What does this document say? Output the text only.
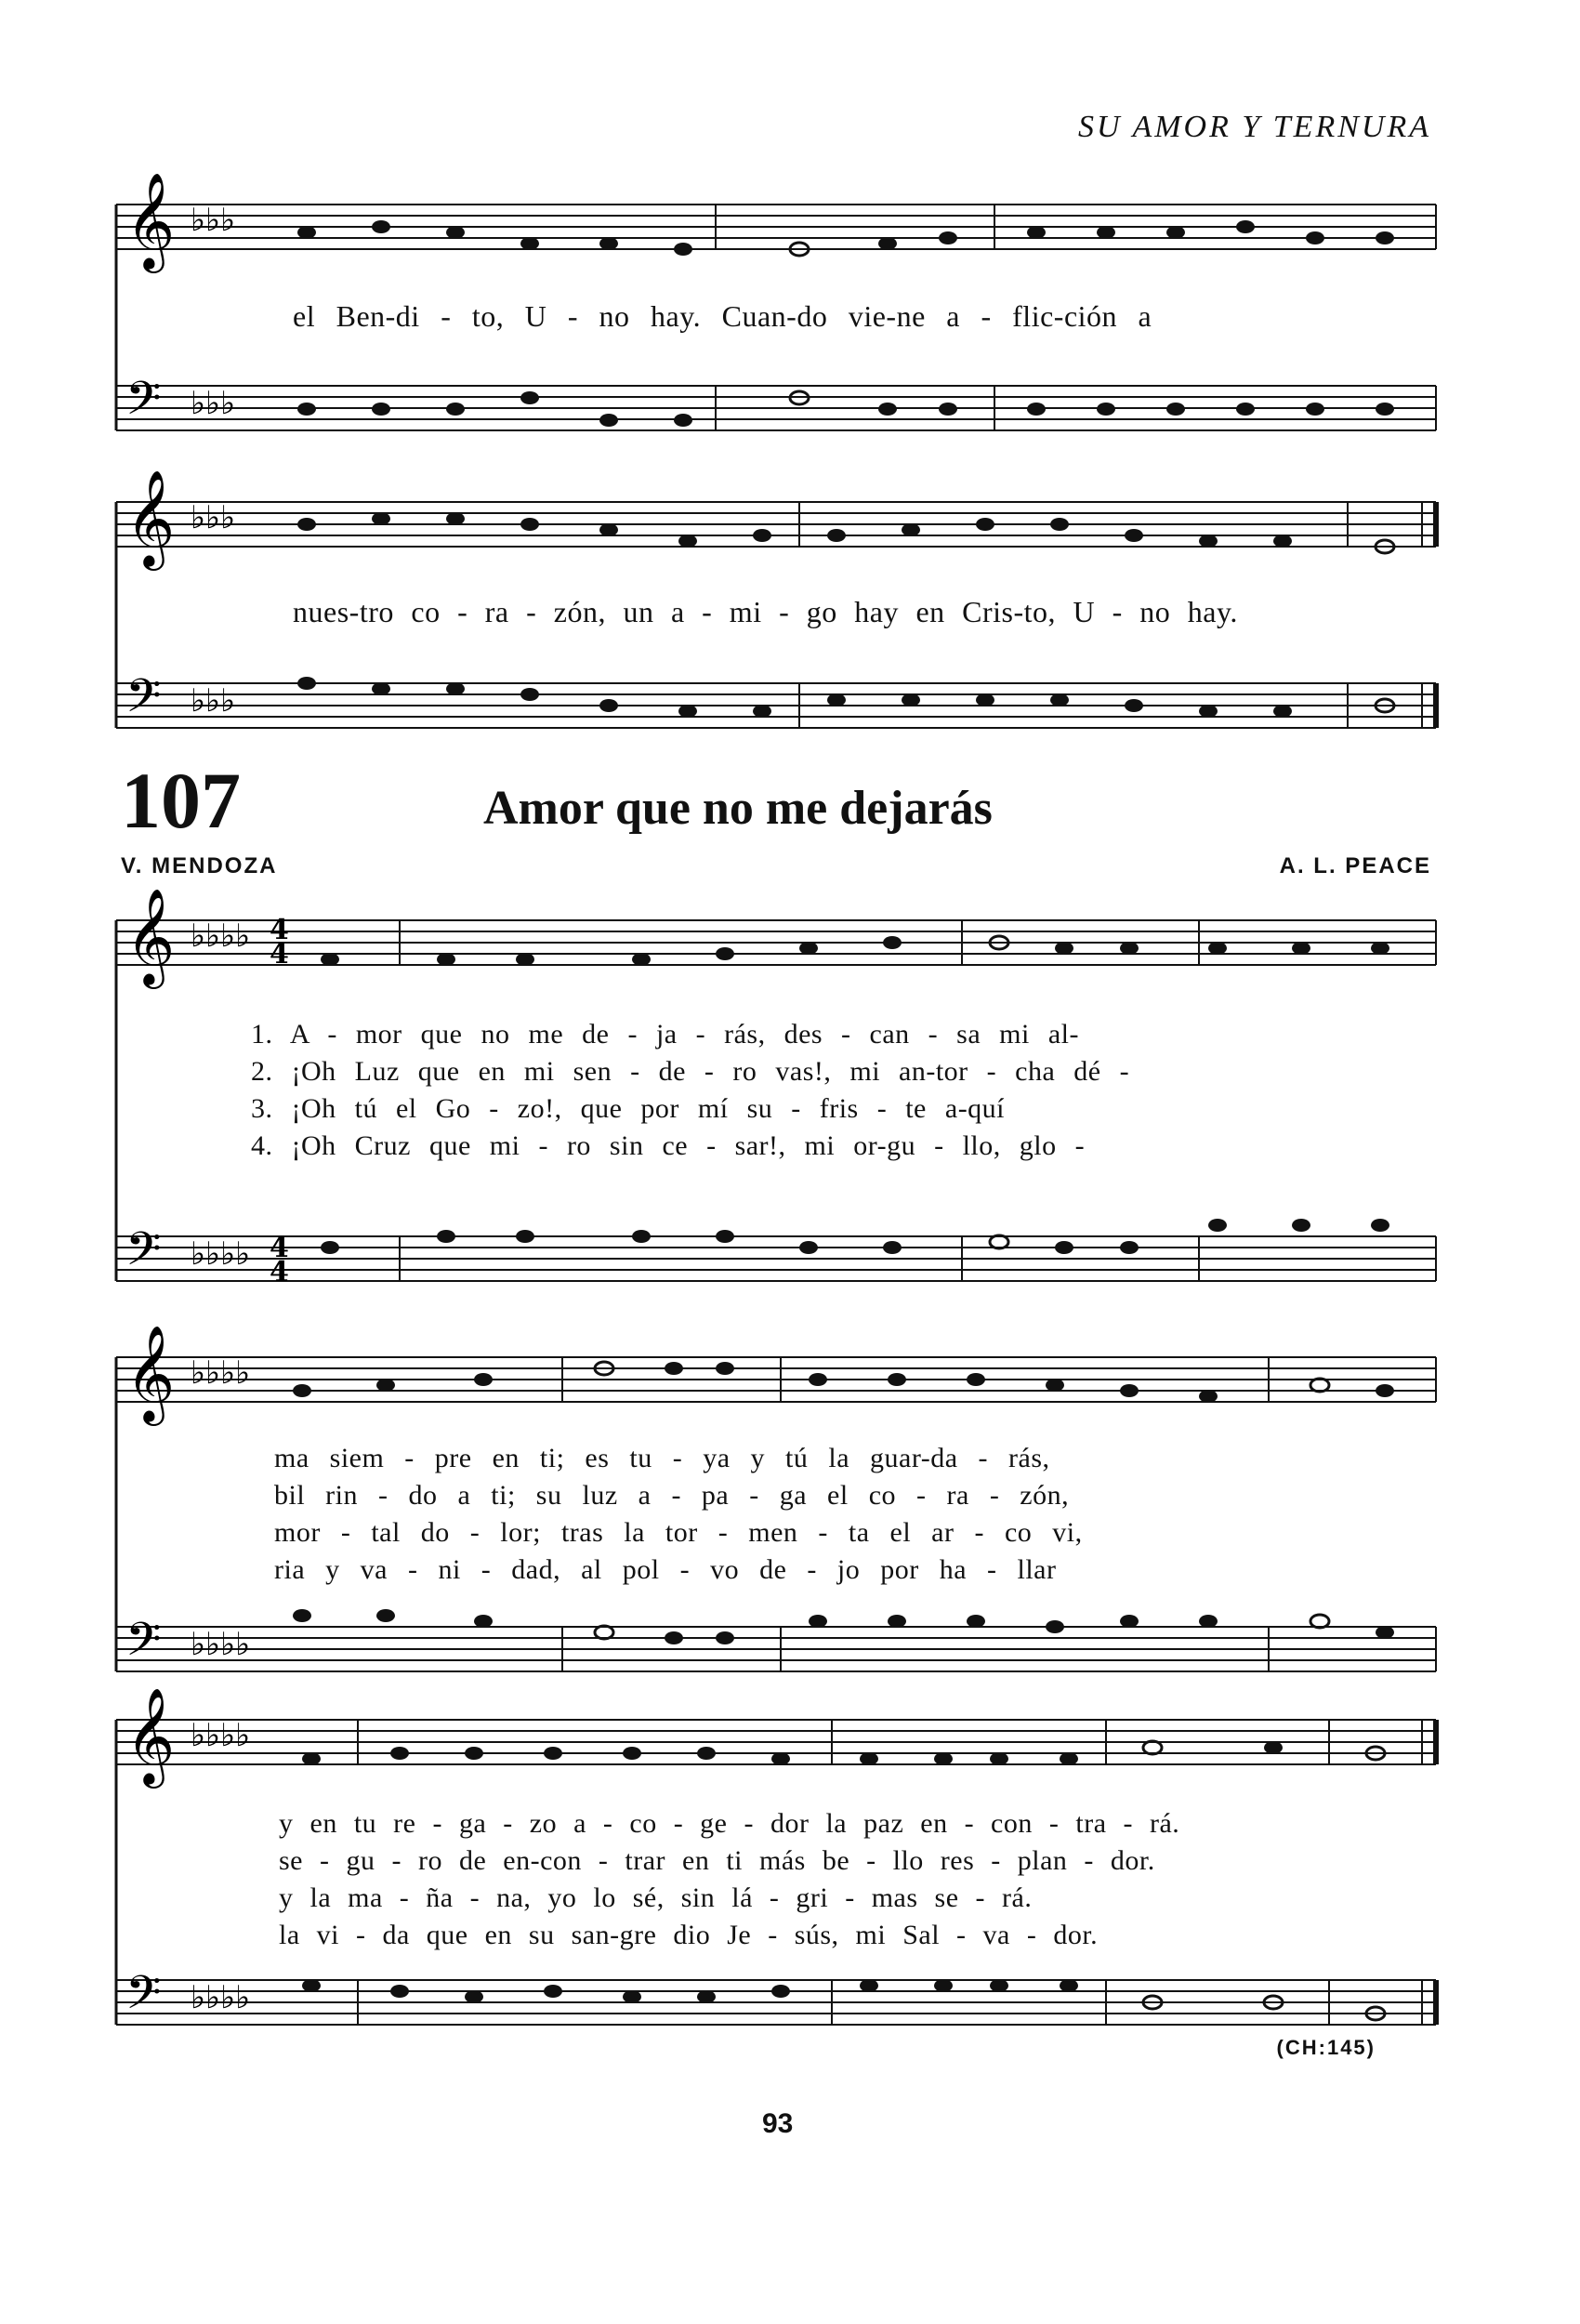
SU AMOR Y TERNURA
𝄞
𝄢
♭♭♭
♭♭♭
𝄞
𝄢
♭♭♭
♭♭♭
𝄞
𝄢
♭♭♭♭
♭♭♭♭
4
4
4
4
𝄞
𝄢
♭♭♭♭
♭♭♭♭
𝄞
𝄢
♭♭♭♭
♭♭♭♭
el Ben-di - to, U - no hay. Cuan-do vie-ne a - flic-ción a
nues-tro co - ra - zón, un a - mi - go hay en Cris-to, U - no hay.
107	Amor que no me dejarás
V. MENDOZA	A. L. PEACE
1. A - mor que no me de - ja - rás, des - can - sa mi al-
2. ¡Oh Luz que en mi sen - de - ro vas!, mi an-tor - cha dé -
3. ¡Oh tú el Go - zo!, que por mí su - fris - te a-quí
4. ¡Oh Cruz que mi - ro sin ce - sar!, mi or-gu - llo, glo -
ma siem - pre en ti; es tu - ya y tú la guar-da - rás,
bil rin - do a ti; su luz a - pa - ga el co - ra - zón,
mor - tal do - lor; tras la tor - men - ta el ar - co vi,
ria y va - ni - dad, al pol - vo de - jo por ha - llar
y en tu re - ga - zo a - co - ge - dor la paz en - con - tra - rá.
se - gu - ro de en-con - trar en ti más be - llo res - plan - dor.
y la ma - ña - na, yo lo sé, sin lá - gri - mas se - rá.
la vi - da que en su san-gre dio Je - sús, mi Sal - va - dor.
(CH:145)
93
